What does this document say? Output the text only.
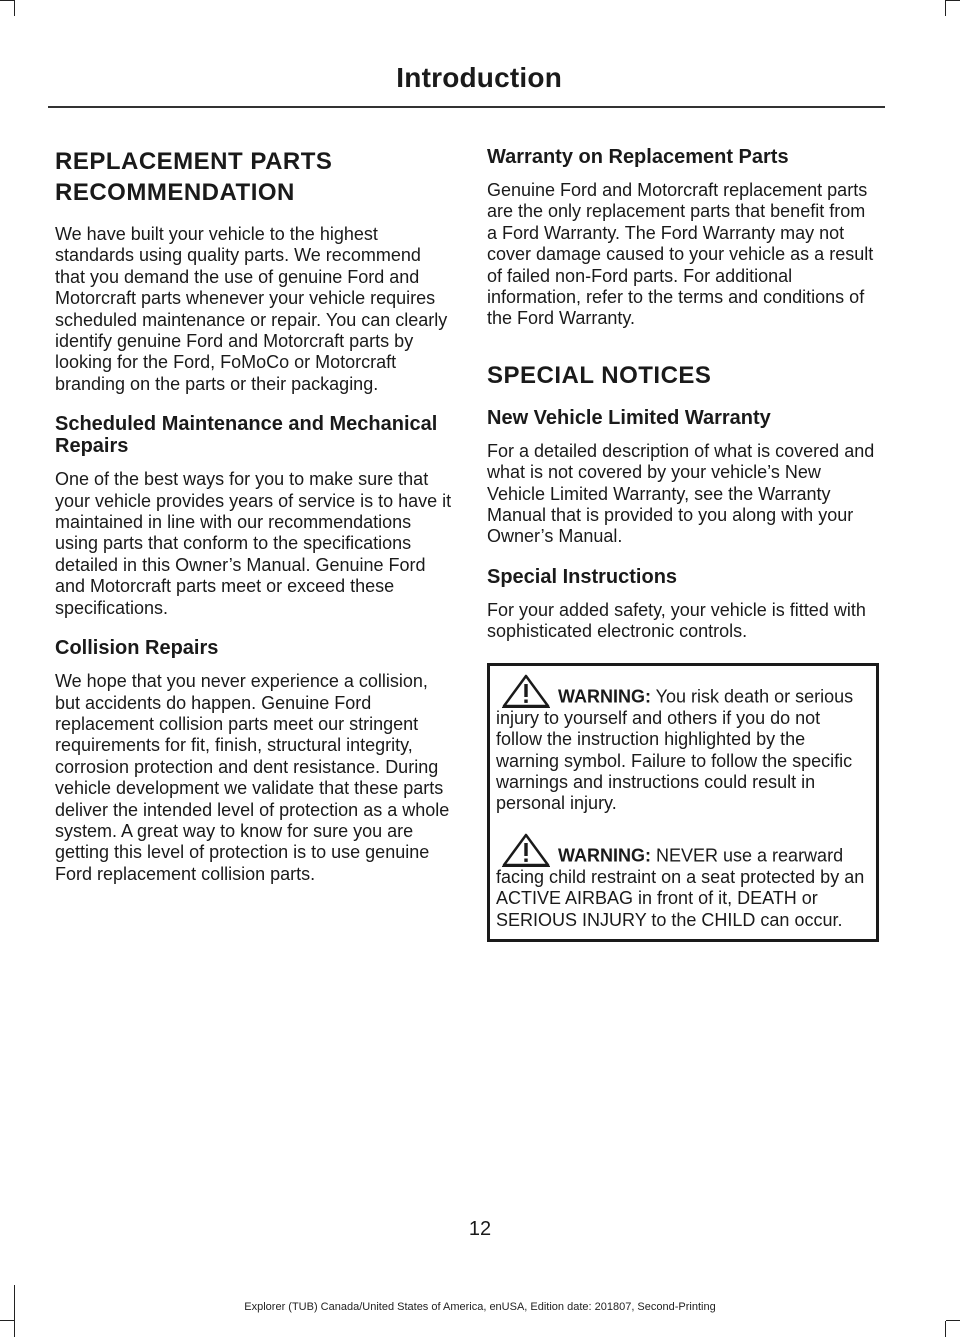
Introduction
REPLACEMENT PARTS
RECOMMENDATION

We have built your vehicle to the highest standards using quality parts. We recommend that you demand the use of genuine Ford and Motorcraft parts whenever your vehicle requires scheduled maintenance or repair. You can clearly identify genuine Ford and Motorcraft parts by looking for the Ford, FoMoCo or Motorcraft branding on the parts or their packaging.

Scheduled Maintenance and Mechanical Repairs

One of the best ways for you to make sure that your vehicle provides years of service is to have it maintained in line with our recommendations using parts that conform to the specifications detailed in this Owner’s Manual. Genuine Ford and Motorcraft parts meet or exceed these specifications.

Collision Repairs

We hope that you never experience a collision, but accidents do happen. Genuine Ford replacement collision parts meet our stringent requirements for fit, finish, structural integrity, corrosion protection and dent resistance. During vehicle development we validate that these parts deliver the intended level of protection as a whole system. A great way to know for sure you are getting this level of protection is to use genuine Ford replacement collision parts.

Warranty on Replacement Parts

Genuine Ford and Motorcraft replacement parts are the only replacement parts that benefit from a Ford Warranty. The Ford Warranty may not cover damage caused to your vehicle as a result of failed non-Ford parts. For additional information, refer to the terms and conditions of the Ford Warranty.

SPECIAL NOTICES
New Vehicle Limited Warranty

For a detailed description of what is covered and what is not covered by your vehicle’s New Vehicle Limited Warranty, see the Warranty Manual that is provided to you along with your Owner’s Manual.

Special Instructions

For your added safety, your vehicle is fitted with sophisticated electronic controls.

WARNING: You risk death or serious injury to yourself and others if you do not follow the instruction highlighted by the warning symbol. Failure to follow the specific warnings and instructions could result in personal injury.
WARNING: NEVER use a rearward facing child restraint on a seat protected by an ACTIVE AIRBAG in front of it, DEATH or SERIOUS INJURY to the CHILD can occur.
12
Explorer (TUB) Canada/United States of America, enUSA, Edition date: 201807, Second-Printing
